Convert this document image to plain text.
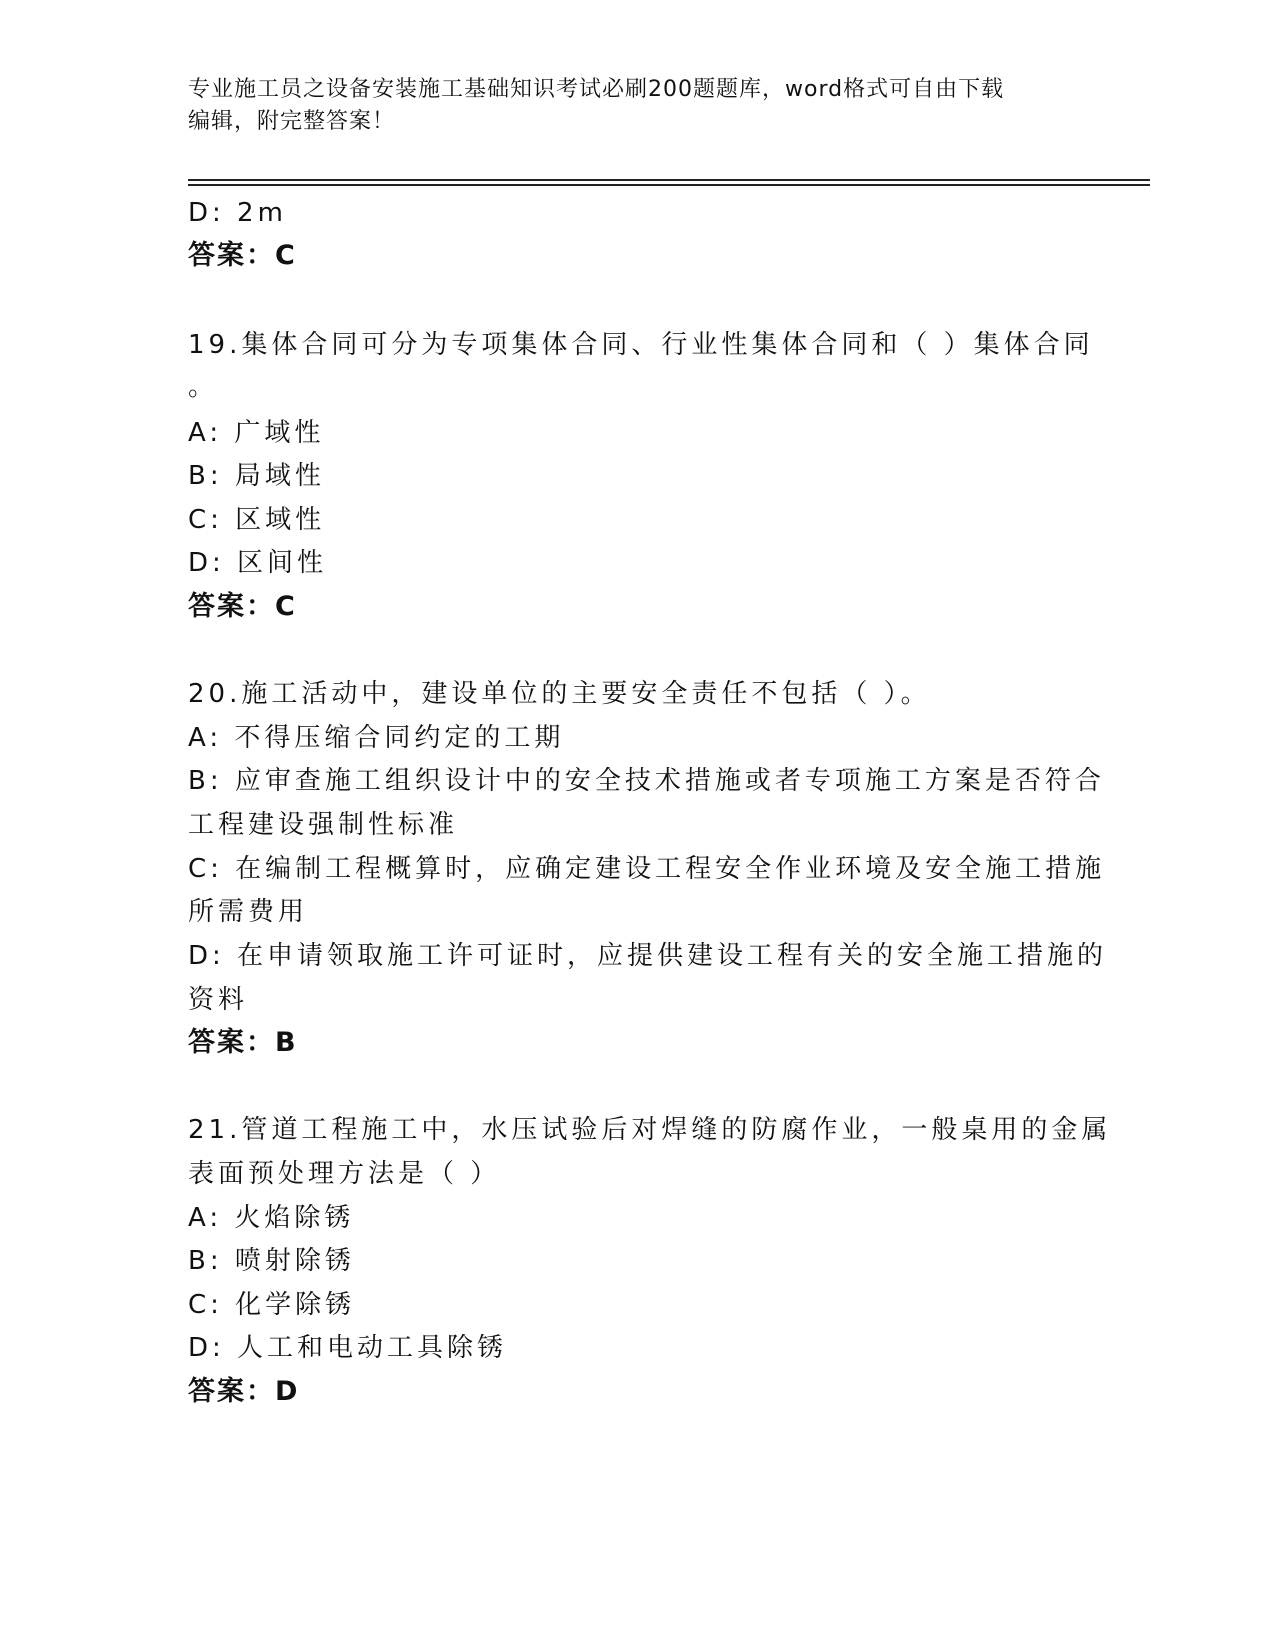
专业施工员之设备安装施工基础知识考试必刷200题题库，word格式可自由下载
编辑，附完整答案！
D: 2m
答案：C
19.集体合同可分为专项集体合同、行业性集体合同和（ ）集体合同
。
A: 广域性
B: 局域性
C: 区域性
D: 区间性
答案：C
20.施工活动中，建设单位的主要安全责任不包括（ ）。
A: 不得压缩合同约定的工期
B: 应审查施工组织设计中的安全技术措施或者专项施工方案是否符合
工程建设强制性标准
C: 在编制工程概算时，应确定建设工程安全作业环境及安全施工措施
所需费用
D: 在申请领取施工许可证时，应提供建设工程有关的安全施工措施的
资料
答案：B
21.管道工程施工中，水压试验后对焊缝的防腐作业，一般桌用的金属
表面预处理方法是（ ）
A: 火焰除锈
B: 喷射除锈
C: 化学除锈
D: 人工和电动工具除锈
答案：D
